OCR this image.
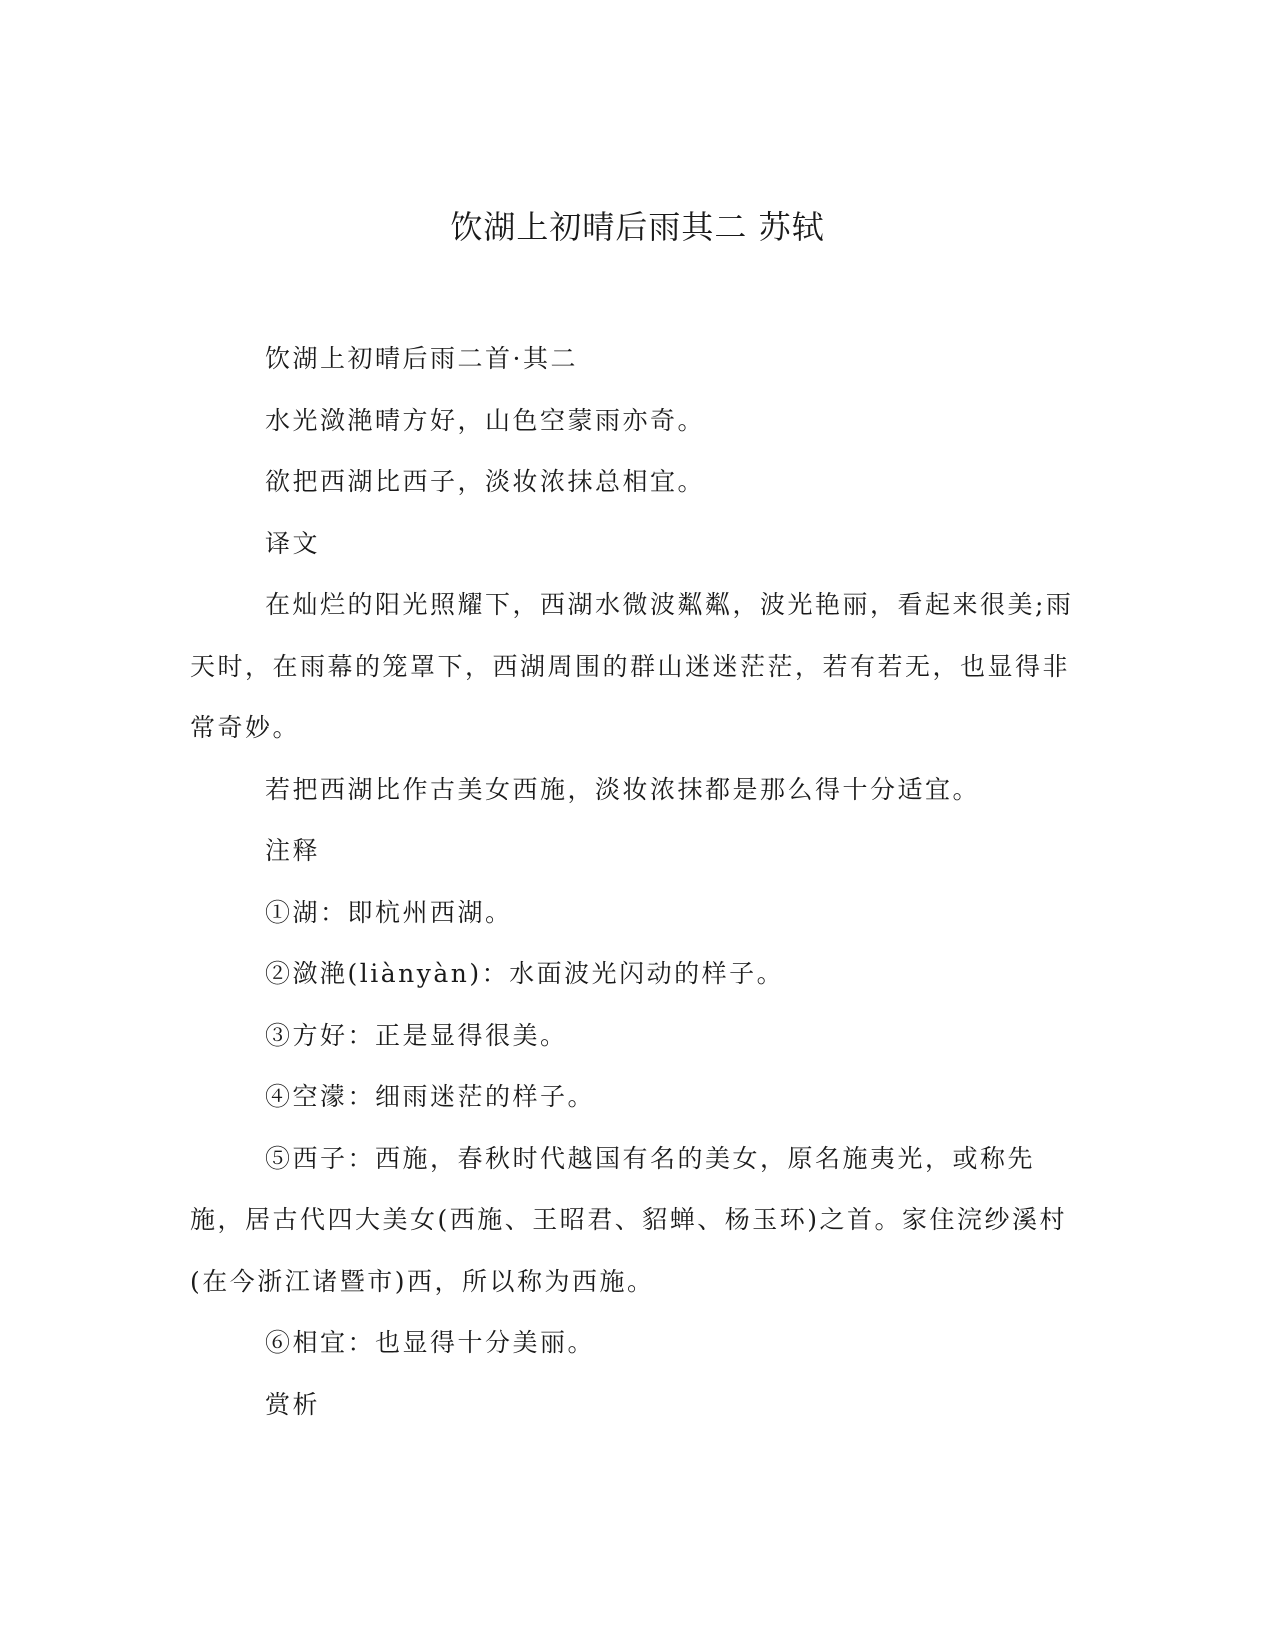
饮湖上初晴后雨其二 苏轼

饮湖上初晴后雨二首·其二

水光潋滟晴方好，山色空蒙雨亦奇。

欲把西湖比西子，淡妆浓抹总相宜。

译文

在灿烂的阳光照耀下，西湖水微波粼粼，波光艳丽，看起来很美;雨天时，在雨幕的笼罩下，西湖周围的群山迷迷茫茫，若有若无，也显得非常奇妙。

若把西湖比作古美女西施，淡妆浓抹都是那么得十分适宜。

注释

①湖：即杭州西湖。

②潋滟(liànyàn)：水面波光闪动的样子。

③方好：正是显得很美。

④空濛：细雨迷茫的样子。

⑤西子：西施，春秋时代越国有名的美女，原名施夷光，或称先施，居古代四大美女(西施、王昭君、貂蝉、杨玉环)之首。家住浣纱溪村(在今浙江诸暨市)西，所以称为西施。

⑥相宜：也显得十分美丽。

赏析
